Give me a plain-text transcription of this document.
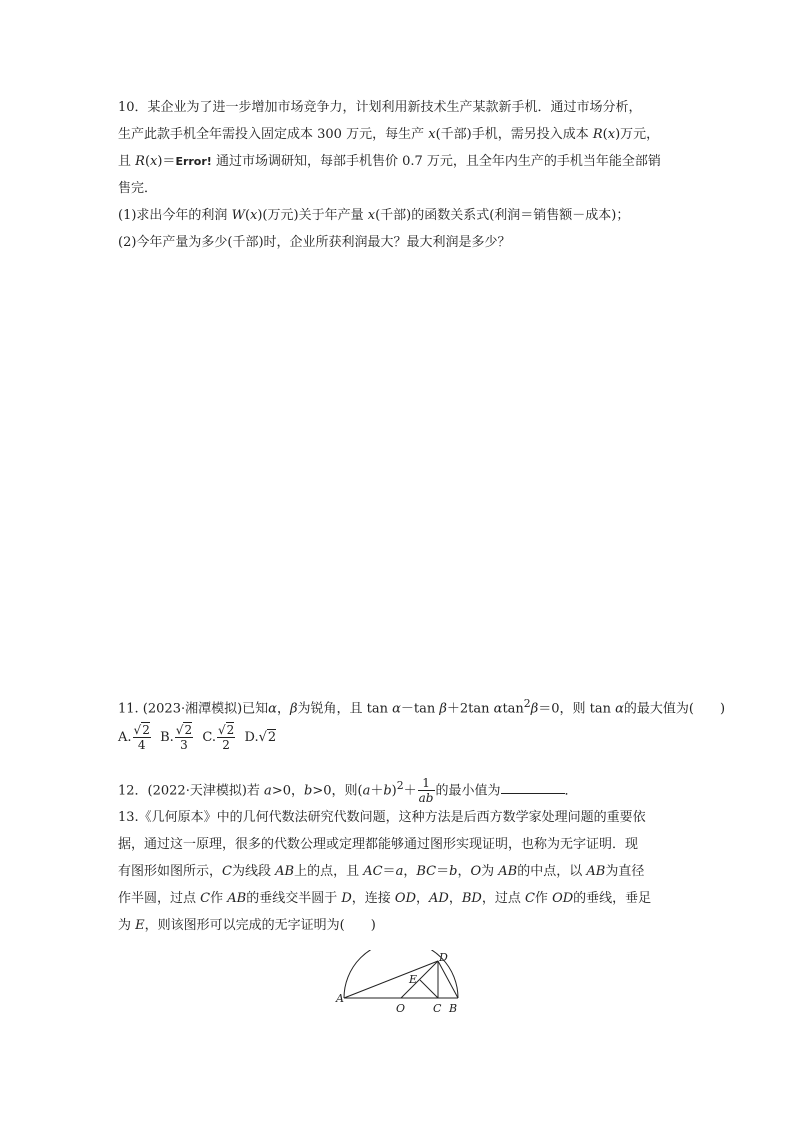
10．某企业为了进一步增加市场竞争力，计划利用新技术生产某款新手机．通过市场分析，
生产此款手机全年需投入固定成本 300 万元，每生产 x(千部)手机，需另投入成本 R(x)万元，
且 R(x)＝Error! 通过市场调研知，每部手机售价 0.7 万元，且全年内生产的手机当年能全部销
售完．
(1)求出今年的利润 W(x)(万元)关于年产量 x(千部)的函数关系式(利润＝销售额－成本)；
(2)今年产量为多少(千部)时，企业所获利润最大？最大利润是多少？
11. (2023·湘潭模拟)已知α，β为锐角，且 tan α－tan β＋2tan αtan$^2$β＝0，则 tan α的最大值为(　　)
A. $\frac{√2}{4} B$. $\frac{√2}{3} C$. $\frac{√2}{2} D.√2$
12．(2022·天津模拟)若 a>0，b>0，则$(a+b)^2+ \frac{1}{ab}$ 的最小值为	．
13.《几何原本》中的几何代数法研究代数问题，这种方法是后西方数学家处理问题的重要依
据，通过这一原理，很多的代数公理或定理都能够通过图形实现证明，也称为无字证明．现
有图形如图所示，C为线段 AB上的点，且 AC＝a，BC＝b，O为 AB的中点，以 AB为直径
作半圆，过点 C作 AB的垂线交半圆于 D，连接 OD，AD，BD，过点 C作 OD的垂线，垂足
为 E，则该图形可以完成的无字证明为(　　)
A
O	C B
D
E
